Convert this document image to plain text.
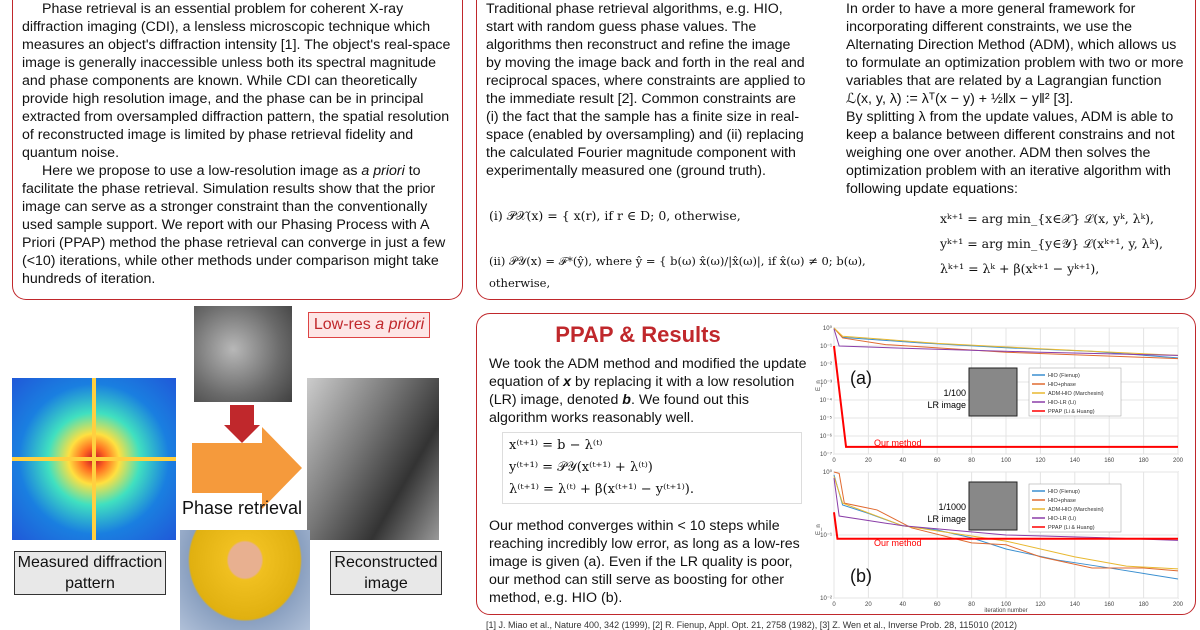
Phase retrieval is an essential problem for coherent X-ray diffraction imaging (CDI), a lensless microscopic technique which measures an object's diffraction intensity [1]. The object's real-space image is generally inaccessible unless both its spectral magnitude and phase components are known. While CDI can theoretically provide high resolution image, and the phase can be in principal extracted from oversampled diffraction pattern, the spatial resolution of reconstructed image is limited by phase retrieval fidelity and quantum noise.

Here we propose to use a low-resolution image as a priori to facilitate the phase retrieval. Simulation results show that the prior image can serve as a stronger constraint than the conventionally used sample support. We report with our Phasing Process with A Priori (PPAP) method the phase retrieval can converge in just a few (<10) iterations, while other methods under comparison might take hundreds of iteration.

Traditional phase retrieval algorithms, e.g. HIO, start with random guess phase values. The algorithms then reconstruct and refine the image by moving the image back and forth in the real and reciprocal spaces, where constraints are applied to the immediate result [2]. Common constraints are (i) the fact that the sample has a finite size in real-space (enabled by oversampling) and (ii) replacing the calculated Fourier magnitude component with experimentally measured one (ground truth).
(i) 𝒫𝒳(x) = { x(r), if r ∈ D; 0, otherwise,
(ii) 𝒫𝒴(x) = ℱ*(ŷ), where ŷ = { b(ω) x̂(ω)/|x̂(ω)|, if x̂(ω) ≠ 0; b(ω), otherwise,

In order to have a more general framework for incorporating different constraints, we use the Alternating Direction Method (ADM), which allows us to formulate an optimization problem with two or more variables that are related by a Lagrangian function ℒ(x, y, λ) := λᵀ(x − y) + ½‖x − y‖² [3].

By splitting λ from the update values, ADM is able to keep a balance between different constrains and not weighing one over another. ADM then solves the optimization problem with an iterative algorithm with following update equations:

xᵏ⁺¹ = arg min_{x∈𝒳} ℒ(x, yᵏ, λᵏ),
yᵏ⁺¹ = arg min_{y∈𝒴} ℒ(xᵏ⁺¹, y, λᵏ),
λᵏ⁺¹ = λᵏ + β(xᵏ⁺¹ − yᵏ⁺¹),
Low-res a priori
Phase retrieval
Measured diffraction pattern
Reconstructed image
PPAP & Results
We took the ADM method and modified the update equation of x by replacing it with a low resolution (LR) image, denoted b. We found out this algorithm works reasonably well.
x⁽ᵗ⁺¹⁾ = b − λ⁽ᵗ⁾
y⁽ᵗ⁺¹⁾ = 𝒫𝒴(x⁽ᵗ⁺¹⁾ + λ⁽ᵗ⁾)
λ⁽ᵗ⁺¹⁾ = λ⁽ᵗ⁾ + β(x⁽ᵗ⁺¹⁾ − y⁽ᵗ⁺¹⁾).
Our method converges within < 10 steps while reaching incredibly low error, as long as a low-res image is given (a). Even if the LR quality is poor, our method can still serve as boosting for other method, e.g. HIO (b).
0	20	40	60	80	100	120	140	160	180	200
10⁻⁷
10⁻⁶
10⁻⁵
10⁻⁴
10⁻³
10⁻²
10⁻¹
10⁰
E_n (a)
Our method
1/100
LR image
HIO (Fienup)
HIO+phase
ADM-HIO (Marchesini)
HIO-LR (Li)
PPAP (Li & Huang)
0	20	40	60	80	100	120	140	160	180	200
10⁻²
10⁻¹
10⁰
E_n
iteration number
(b)
Our method
1/1000
LR image
HIO (Fienup)
HIO+phase
ADM-HIO (Marchesini)
HIO-LR (Li)
PPAP (Li & Huang)
[1] J. Miao et al., Nature 400, 342 (1999), [2] R. Fienup, Appl. Opt. 21, 2758 (1982), [3] Z. Wen et al., Inverse Prob. 28, 115010 (2012)
